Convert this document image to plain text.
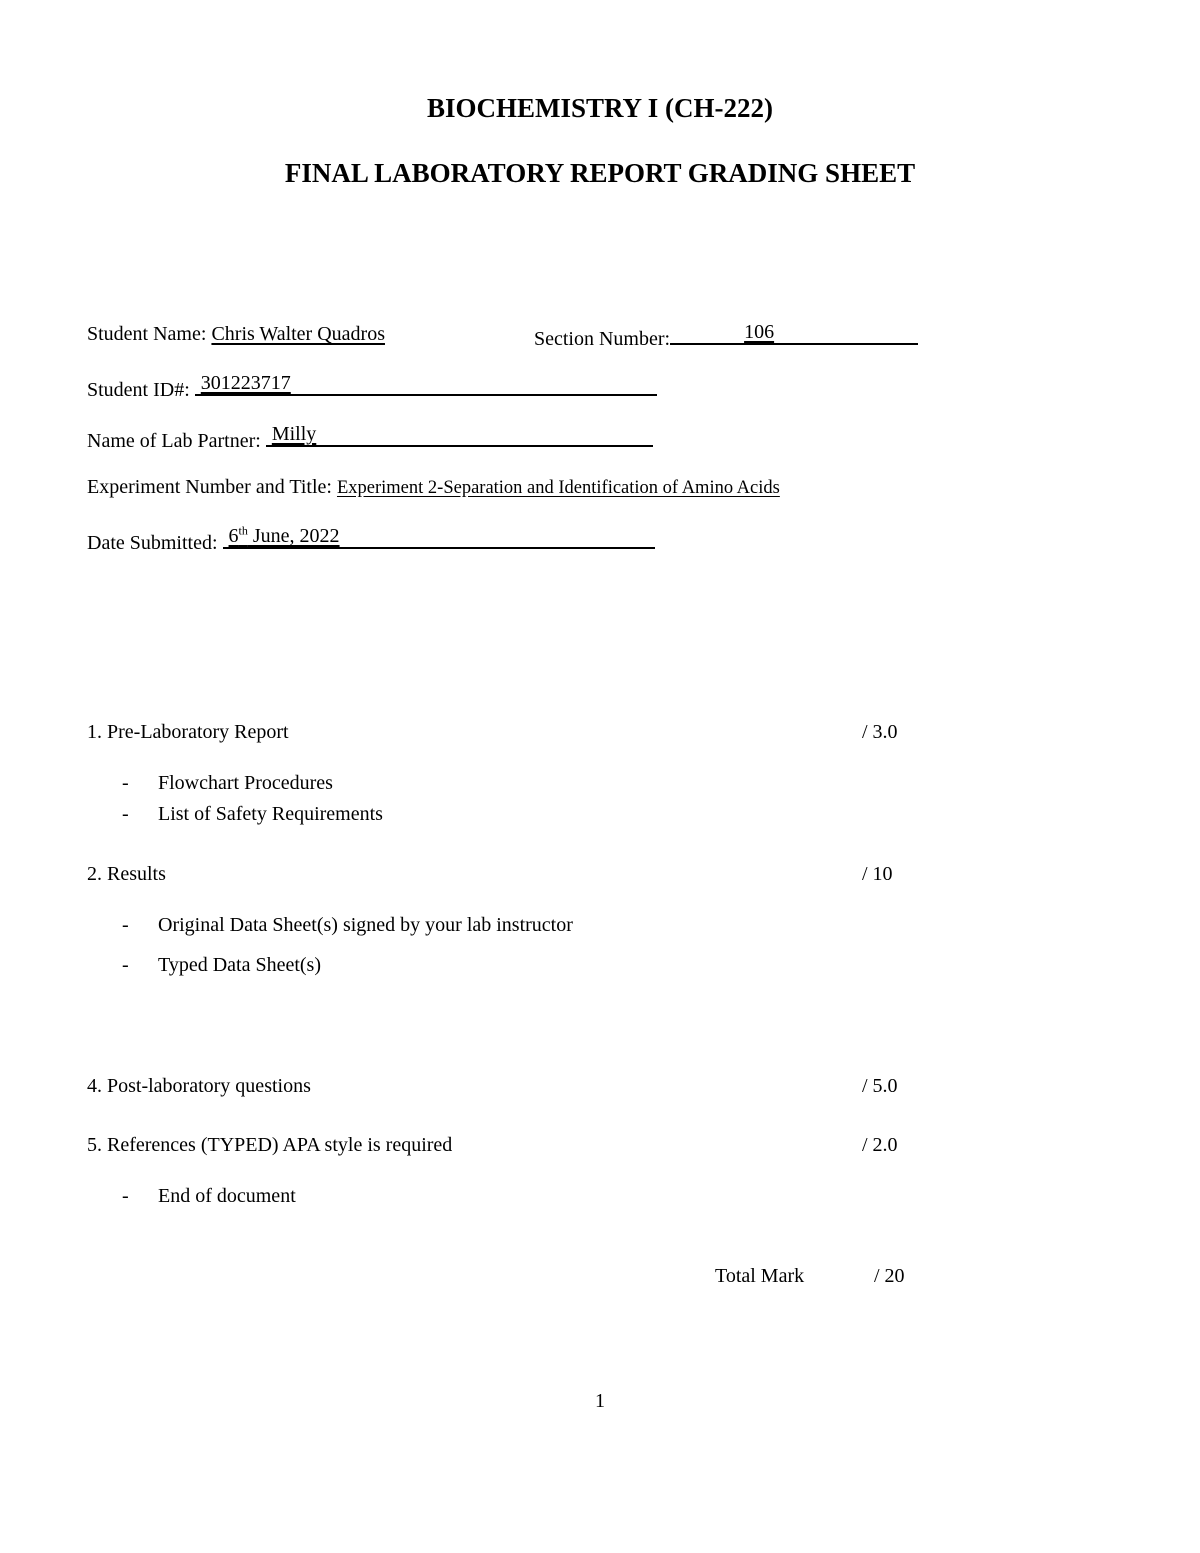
BIOCHEMISTRY I (CH-222)
FINAL LABORATORY REPORT GRADING SHEET
Student Name: Chris Walter Quadros	Section Number:	106
Student ID#: 301223717
Name of Lab Partner: Milly
Experiment Number and Title: Experiment 2-Separation and Identification of Amino Acids
Date Submitted: 6th June, 2022
1. Pre-Laboratory Report	/ 3.0
- Flowchart Procedures
- List of Safety Requirements
2. Results	/ 10
- Original Data Sheet(s) signed by your lab instructor
- Typed Data Sheet(s)
4. Post-laboratory questions	/ 5.0
5. References (TYPED) APA style is required	/ 2.0
- End of document
Total Mark	/ 20
1
